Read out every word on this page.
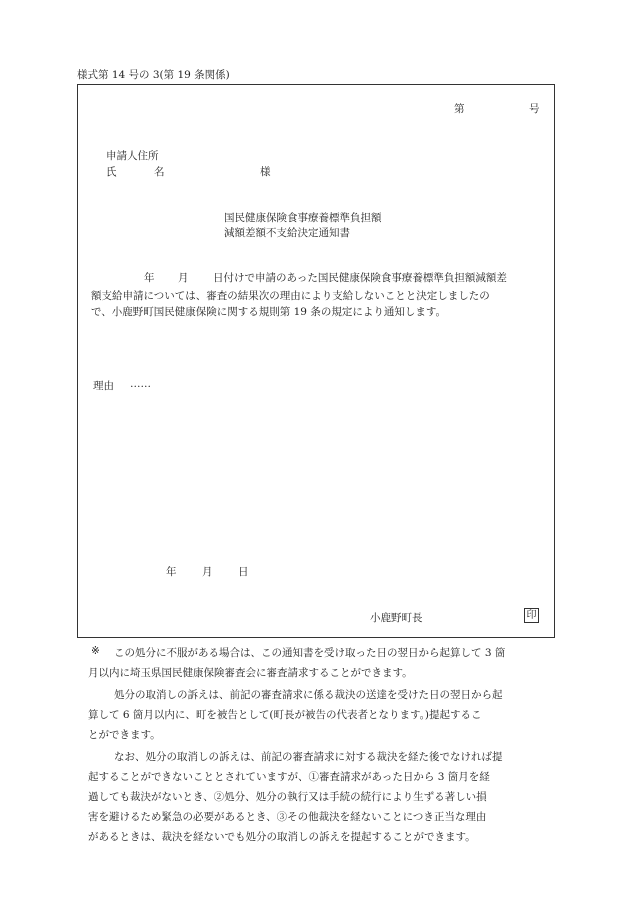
様式第 14 号の 3(第 19 条関係)
第	号
申請人住所
氏	名	様
国民健康保険食事療養標準負担額
減額差額不支給決定通知書
年 月 日付けで申請のあった国民健康保険食事療養標準負担額減額差
額支給申請については、審査の結果次の理由により支給しないことと決定しましたの
で、小鹿野町国民健康保険に関する規則第 19 条の規定により通知します。
理由 ……
年 月 日
小鹿野町長	印
※ この処分に不服がある場合は、この通知書を受け取った日の翌日から起算して 3 箇
月以内に埼玉県国民健康保険審査会に審査請求することができます。
処分の取消しの訴えは、前記の審査請求に係る裁決の送達を受けた日の翌日から起
算して 6 箇月以内に、町を被告として(町長が被告の代表者となります。)提起するこ
とができます。
なお、処分の取消しの訴えは、前記の審査請求に対する裁決を経た後でなければ提
起することができないこととされていますが、①審査請求があった日から 3 箇月を経
過しても裁決がないとき、②処分、処分の執行又は手続の続行により生ずる著しい損
害を避けるため緊急の必要があるとき、③その他裁決を経ないことにつき正当な理由
があるときは、裁決を経ないでも処分の取消しの訴えを提起することができます。
